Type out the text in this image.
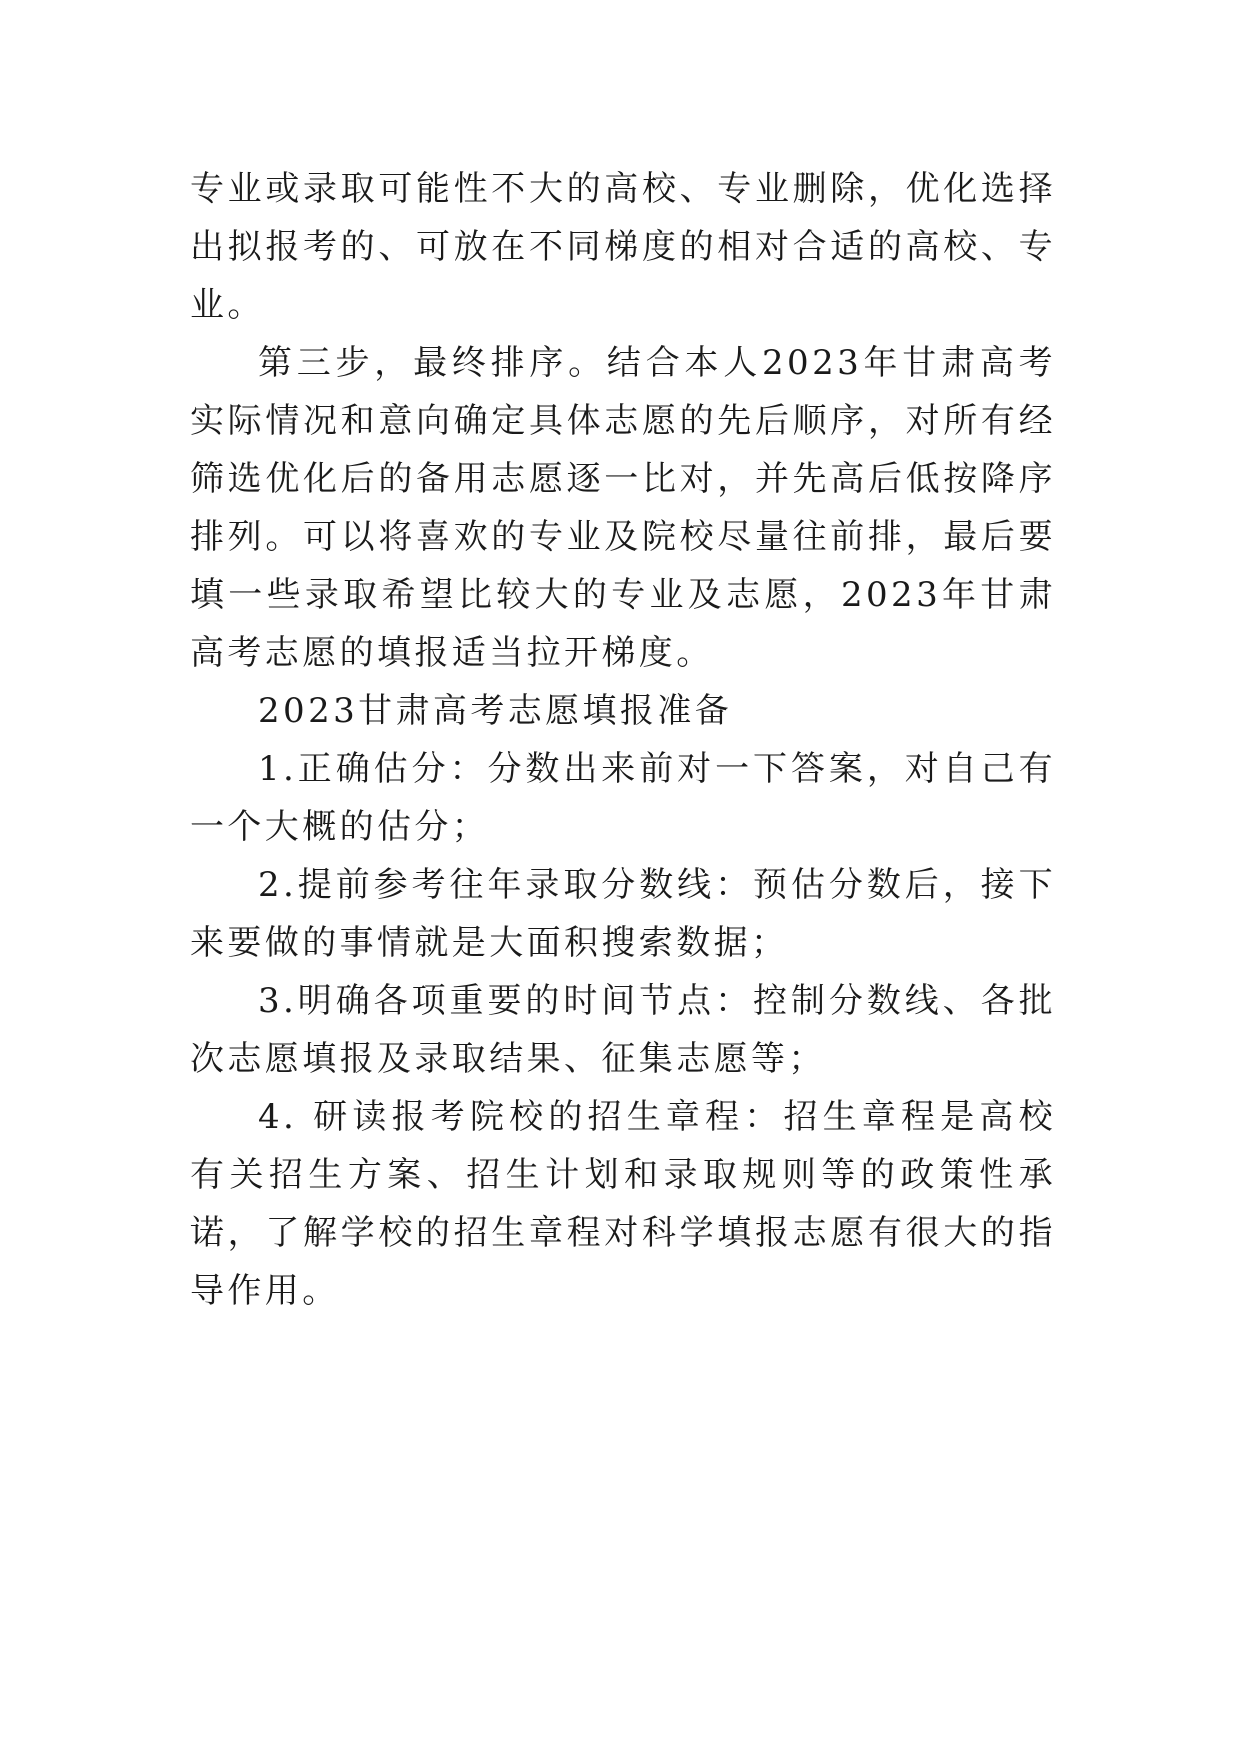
专业或录取可能性不大的高校、专业删除，优化选择出拟报考的、可放在不同梯度的相对合适的高校、专业。

第三步，最终排序。结合本人2023年甘肃高考实际情况和意向确定具体志愿的先后顺序，对所有经筛选优化后的备用志愿逐一比对，并先高后低按降序排列。可以将喜欢的专业及院校尽量往前排，最后要填一些录取希望比较大的专业及志愿，2023年甘肃高考志愿的填报适当拉开梯度。

2023甘肃高考志愿填报准备

1.正确估分：分数出来前对一下答案，对自己有一个大概的估分；

2.提前参考往年录取分数线：预估分数后，接下来要做的事情就是大面积搜索数据；

3.明确各项重要的时间节点：控制分数线、各批次志愿填报及录取结果、征集志愿等；

4. 研读报考院校的招生章程：招生章程是高校有关招生方案、招生计划和录取规则等的政策性承诺，了解学校的招生章程对科学填报志愿有很大的指导作用。
